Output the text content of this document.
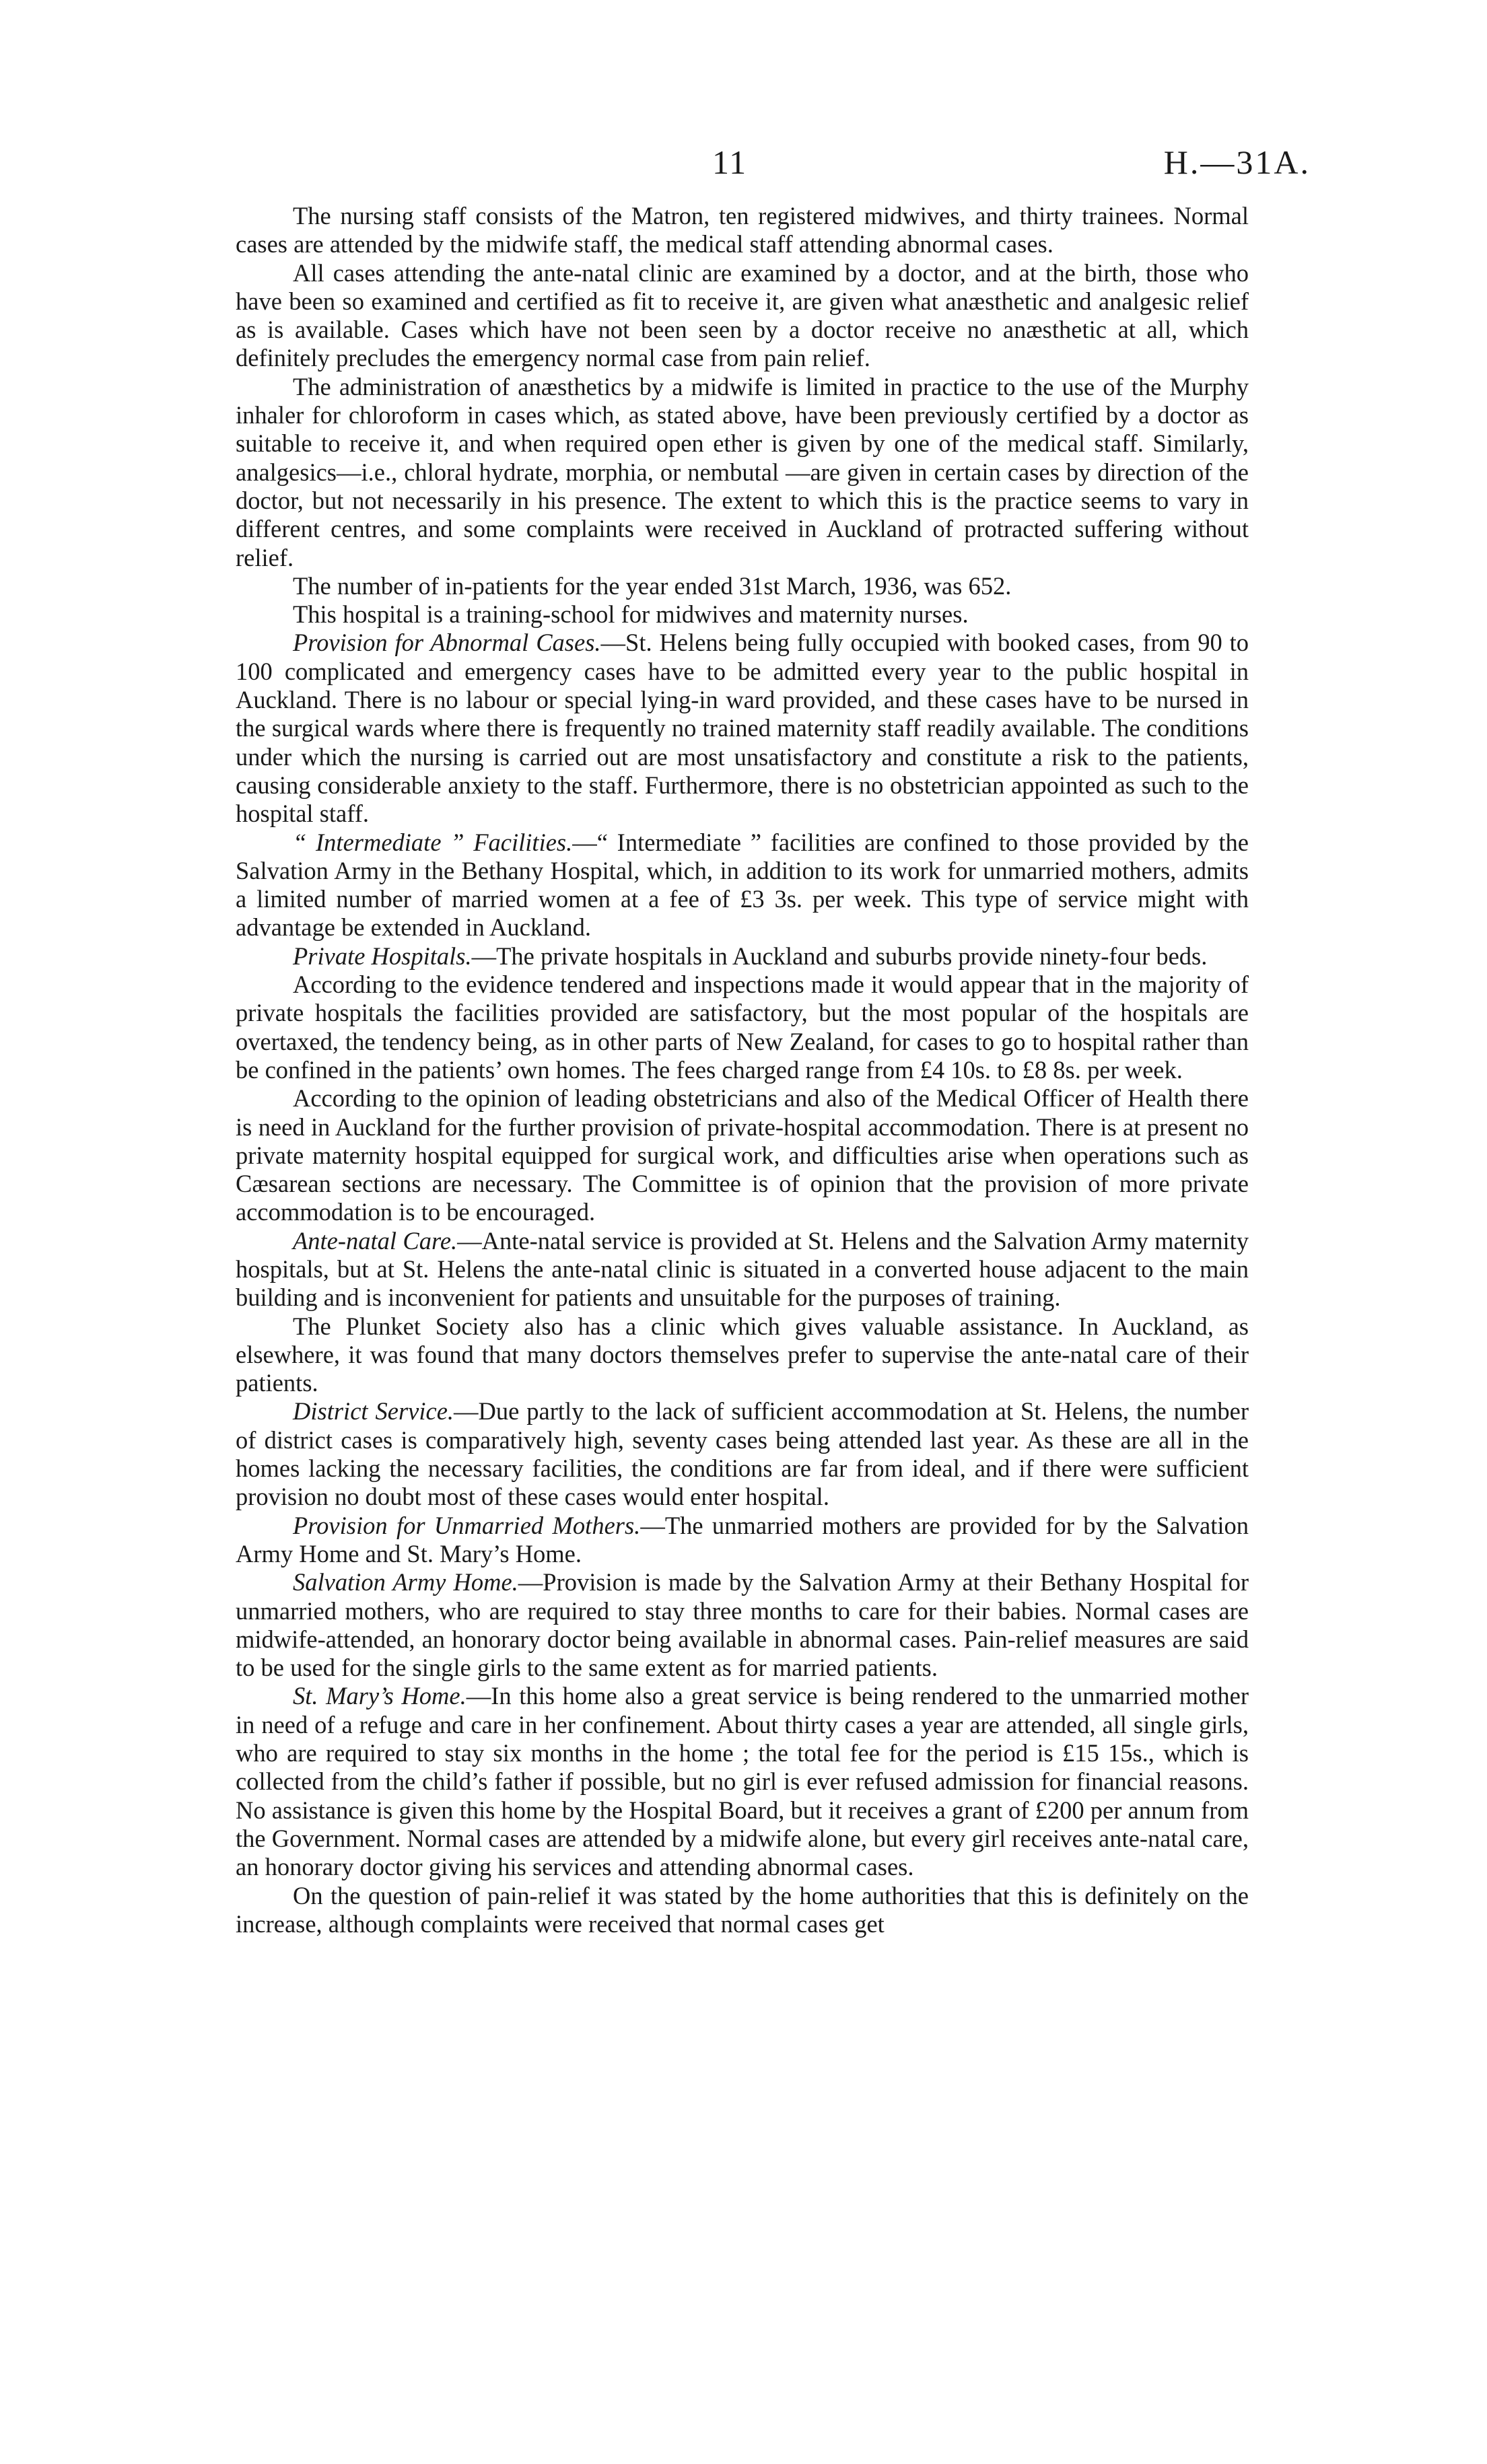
11	H.—31A.

The nursing staff consists of the Matron, ten registered midwives, and thirty trainees. Normal cases are attended by the midwife staff, the medical staff attending abnormal cases.

All cases attending the ante-natal clinic are examined by a doctor, and at the birth, those who have been so examined and certified as fit to receive it, are given what anæsthetic and analgesic relief as is available. Cases which have not been seen by a doctor receive no anæsthetic at all, which definitely precludes the emergency normal case from pain relief.

The administration of anæsthetics by a midwife is limited in practice to the use of the Murphy inhaler for chloroform in cases which, as stated above, have been previously certified by a doctor as suitable to receive it, and when required open ether is given by one of the medical staff. Similarly, analgesics—i.e., chloral hydrate, morphia, or nembutal —are given in certain cases by direction of the doctor, but not necessarily in his presence. The extent to which this is the practice seems to vary in different centres, and some complaints were received in Auckland of protracted suffering without relief.

The number of in-patients for the year ended 31st March, 1936, was 652.

This hospital is a training-school for midwives and maternity nurses.

Provision for Abnormal Cases.—St. Helens being fully occupied with booked cases, from 90 to 100 complicated and emergency cases have to be admitted every year to the public hospital in Auckland. There is no labour or special lying-in ward provided, and these cases have to be nursed in the surgical wards where there is frequently no trained maternity staff readily available. The conditions under which the nursing is carried out are most unsatisfactory and constitute a risk to the patients, causing considerable anxiety to the staff. Furthermore, there is no obstetrician appointed as such to the hospital staff.

“ Intermediate ” Facilities.—“ Intermediate ” facilities are confined to those provided by the Salvation Army in the Bethany Hospital, which, in addition to its work for unmarried mothers, admits a limited number of married women at a fee of £3 3s. per week. This type of service might with advantage be extended in Auckland.

Private Hospitals.—The private hospitals in Auckland and suburbs provide ninety-four beds.

According to the evidence tendered and inspections made it would appear that in the majority of private hospitals the facilities provided are satisfactory, but the most popular of the hospitals are overtaxed, the tendency being, as in other parts of New Zealand, for cases to go to hospital rather than be confined in the patients’ own homes. The fees charged range from £4 10s. to £8 8s. per week.

According to the opinion of leading obstetricians and also of the Medical Officer of Health there is need in Auckland for the further provision of private-hospital accommodation. There is at present no private maternity hospital equipped for surgical work, and difficulties arise when operations such as Cæsarean sections are necessary. The Committee is of opinion that the provision of more private accommodation is to be encouraged.

Ante-natal Care.—Ante-natal service is provided at St. Helens and the Salvation Army maternity hospitals, but at St. Helens the ante-natal clinic is situated in a converted house adjacent to the main building and is inconvenient for patients and unsuitable for the purposes of training.

The Plunket Society also has a clinic which gives valuable assistance. In Auckland, as elsewhere, it was found that many doctors themselves prefer to supervise the ante-natal care of their patients.

District Service.—Due partly to the lack of sufficient accommodation at St. Helens, the number of district cases is comparatively high, seventy cases being attended last year. As these are all in the homes lacking the necessary facilities, the conditions are far from ideal, and if there were sufficient provision no doubt most of these cases would enter hospital.

Provision for Unmarried Mothers.—The unmarried mothers are provided for by the Salvation Army Home and St. Mary’s Home.

Salvation Army Home.—Provision is made by the Salvation Army at their Bethany Hospital for unmarried mothers, who are required to stay three months to care for their babies. Normal cases are midwife-attended, an honorary doctor being available in abnormal cases. Pain-relief measures are said to be used for the single girls to the same extent as for married patients.

St. Mary’s Home.—In this home also a great service is being rendered to the unmarried mother in need of a refuge and care in her confinement. About thirty cases a year are attended, all single girls, who are required to stay six months in the home ; the total fee for the period is £15 15s., which is collected from the child’s father if possible, but no girl is ever refused admission for financial reasons. No assistance is given this home by the Hospital Board, but it receives a grant of £200 per annum from the Government. Normal cases are attended by a midwife alone, but every girl receives ante-natal care, an honorary doctor giving his services and attending abnormal cases.

On the question of pain-relief it was stated by the home authorities that this is definitely on the increase, although complaints were received that normal cases get
